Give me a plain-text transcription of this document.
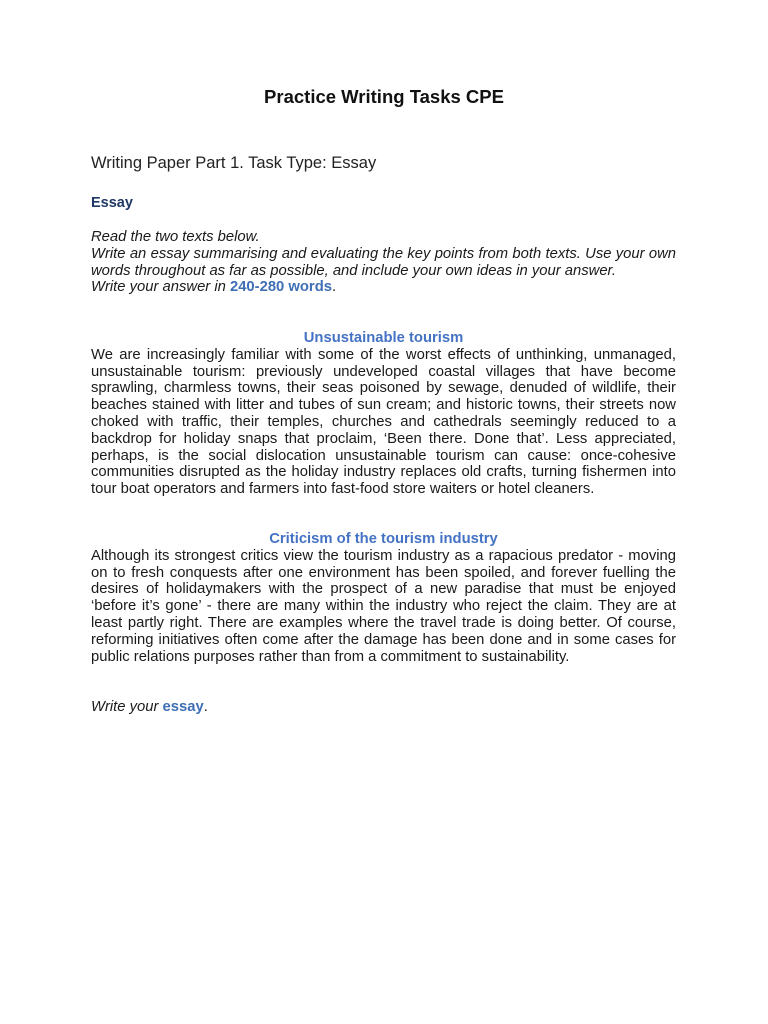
Practice Writing Tasks CPE
Writing Paper Part 1. Task Type: Essay
Essay

Read the two texts below.

Write an essay summarising and evaluating the key points from both texts. Use your own words throughout as far as possible, and include your own ideas in your answer.

Write your answer in 240-280 words.

Unsustainable tourism

We are increasingly familiar with some of the worst effects of unthinking, unmanaged, unsustainable tourism: previously undeveloped coastal villages that have become sprawling, charmless towns, their seas poisoned by sewage, denuded of wildlife, their beaches stained with litter and tubes of sun cream; and historic towns, their streets now choked with traffic, their temples, churches and cathedrals seemingly reduced to a backdrop for holiday snaps that proclaim, ‘Been there. Done that’. Less appreciated, perhaps, is the social dislocation unsustainable tourism can cause: once-cohesive communities disrupted as the holiday industry replaces old crafts, turning fishermen into tour boat operators and farmers into fast-food store waiters or hotel cleaners.

Criticism of the tourism industry

Although its strongest critics view the tourism industry as a rapacious predator - moving on to fresh conquests after one environment has been spoiled, and forever fuelling the desires of holidaymakers with the prospect of a new paradise that must be enjoyed ‘before it’s gone’ - there are many within the industry who reject the claim. They are at least partly right. There are examples where the travel trade is doing better. Of course, reforming initiatives often come after the damage has been done and in some cases for public relations purposes rather than from a commitment to sustainability.

Write your essay.
